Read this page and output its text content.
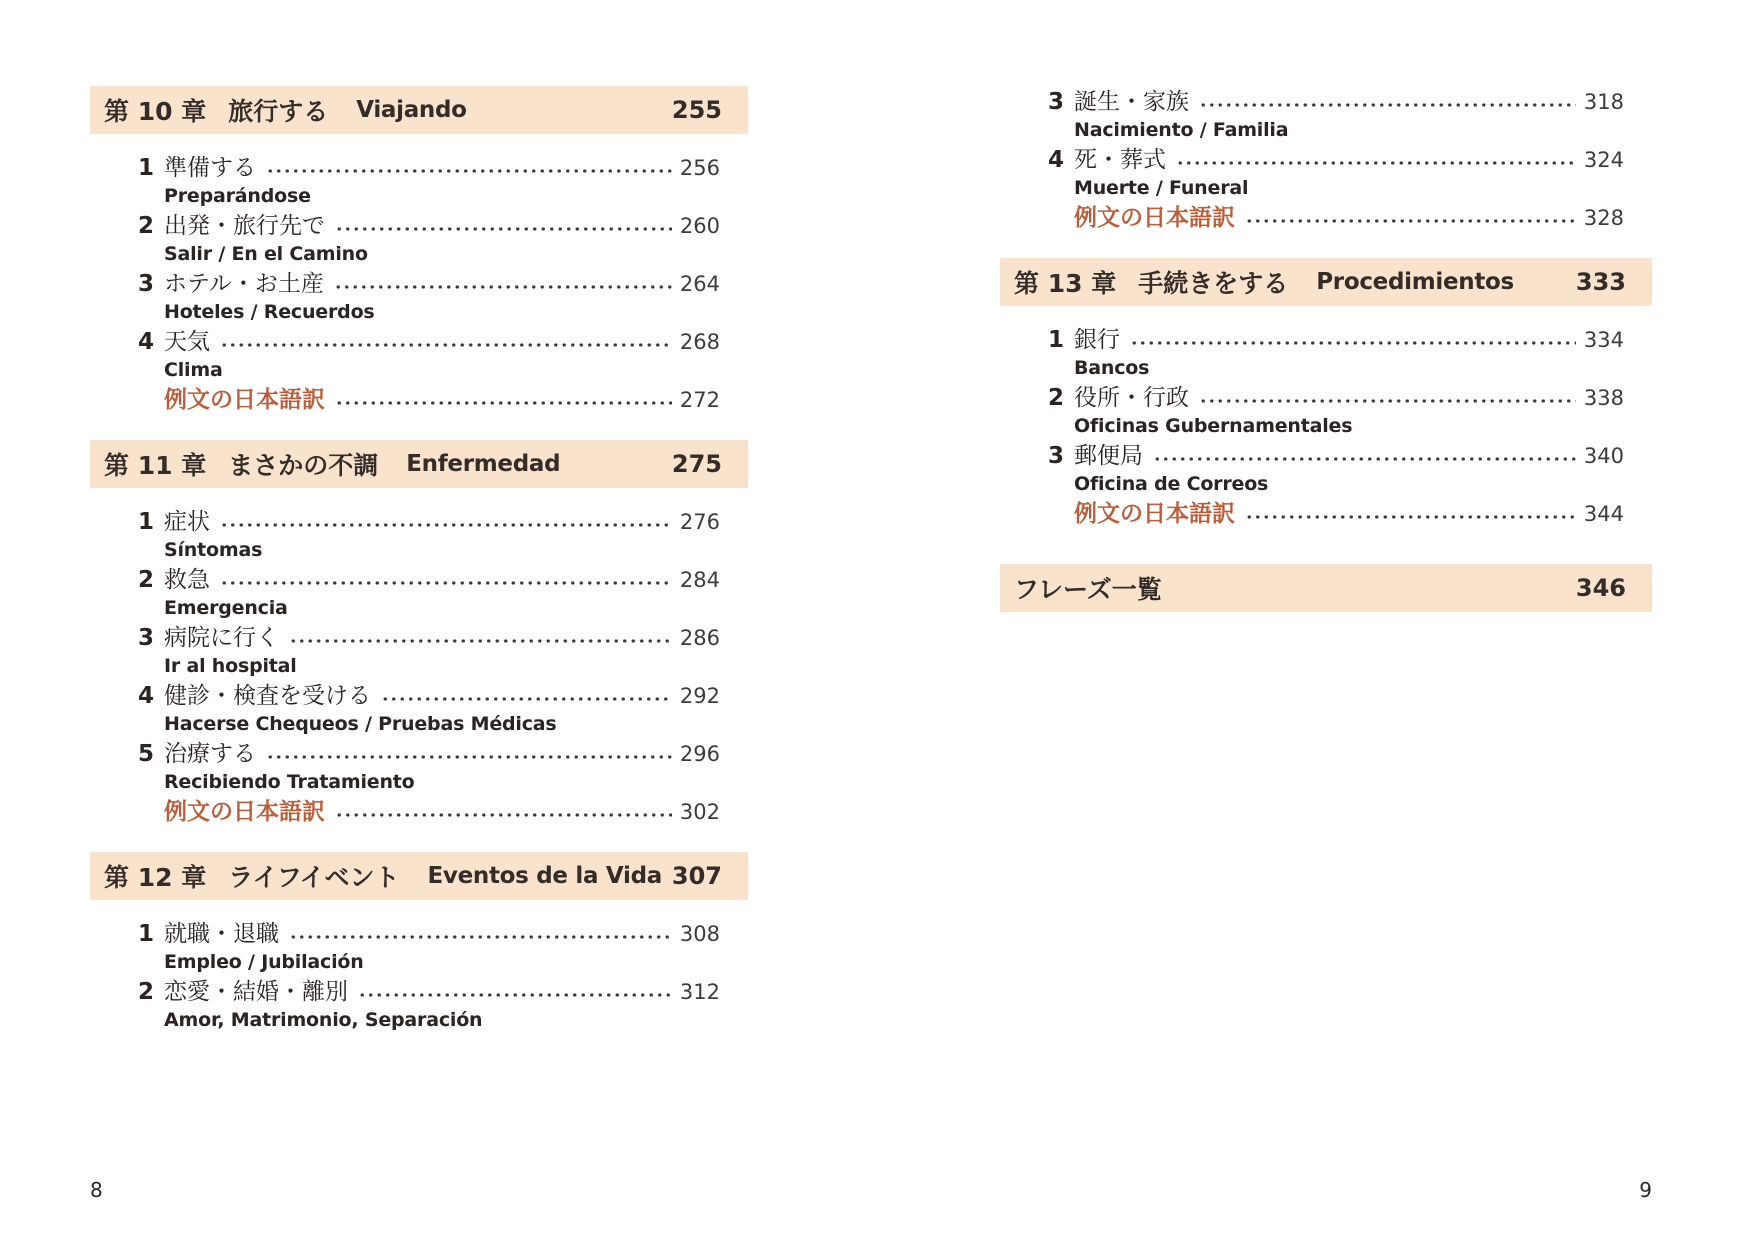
第 10 章 旅行する Viajando	255
1 準備する	256
Preparándose
2 出発・旅行先で	260
Salir / En el Camino
3 ホテル・お土産	264
Hoteles / Recuerdos
4 天気	268
Clima
例文の日本語訳	272
第 11 章 まさかの不調 Enfermedad	275
1 症状	276
Síntomas
2 救急	284
Emergencia
3 病院に行く	286
Ir al hospital
4 健診・検査を受ける	292
Hacerse Chequeos / Pruebas Médicas
5 治療する	296
Recibiendo Tratamiento
例文の日本語訳	302
第 12 章 ライフイベント Eventos de la Vida 307
1 就職・退職	308
Empleo / Jubilación
2 恋愛・結婚・離別	312
Amor, Matrimonio, Separación
3 誕生・家族	318
Nacimiento / Familia
4 死・葬式	324
Muerte / Funeral
例文の日本語訳	328
第 13 章 手続きをする Procedimientos	333
1 銀行	334
Bancos
2 役所・行政	338
Oficinas Gubernamentales
3 郵便局	340
Oficina de Correos
例文の日本語訳	344
フレーズ一覧	346
8	9
